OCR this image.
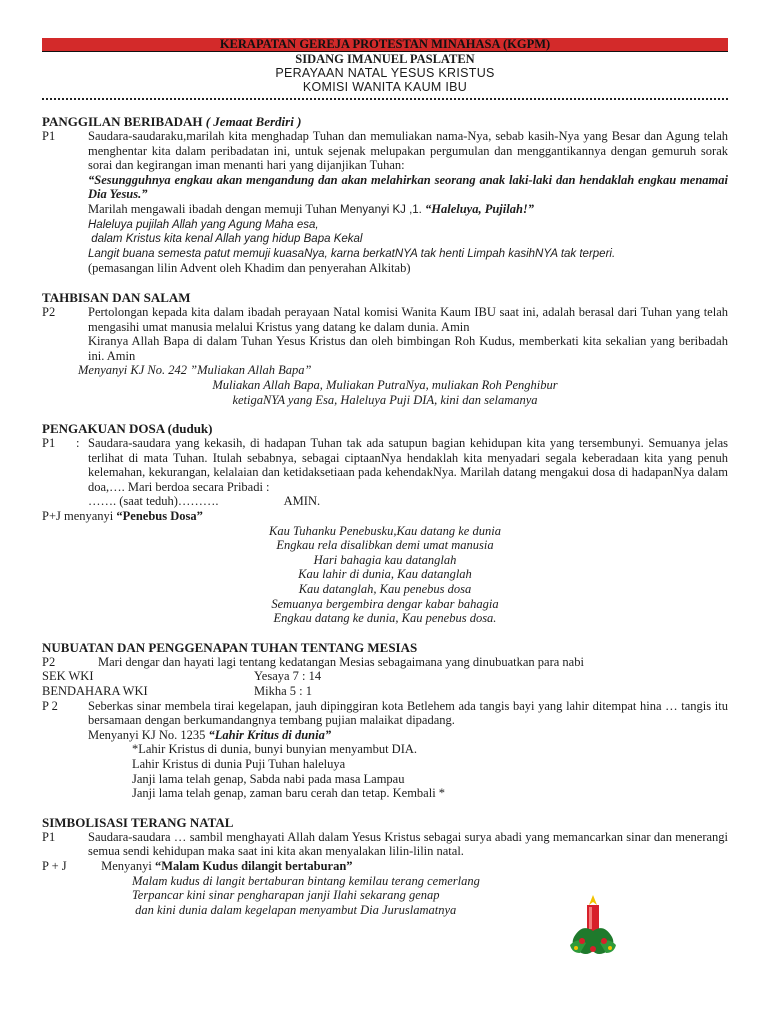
KERAPATAN GEREJA PROTESTAN MINAHASA (KGPM)
SIDANG IMANUEL PASLATEN
PERAYAAN NATAL YESUS KRISTUS
KOMISI WANITA KAUM IBU
PANGGILAN BERIBADAH ( Jemaat Berdiri )
P1	Saudara-saudaraku,marilah kita menghadap Tuhan dan memuliakan nama-Nya, sebab kasih-Nya yang Besar dan Agung telah menghentar kita dalam peribadatan ini, untuk sejenak melupakan pergumulan dan menggantikannya dengan gemuruh sorak sorai dan kegirangan iman menanti hari yang dijanjikan Tuhan:
“Sesungguhnya engkau akan mengandung dan akan melahirkan seorang anak laki-laki dan hendaklah engkau menamai Dia Yesus.”
Marilah mengawali ibadah dengan memuji Tuhan Menyanyi KJ ,1. “Haleluya, Pujilah!”
Haleluya pujilah Allah yang Agung Maha esa,
dalam Kristus kita kenal Allah yang hidup Bapa Kekal
Langit buana semesta patut memuji kuasaNya, karna berkatNYA tak henti Limpah kasihNYA tak terperi.
(pemasangan lilin Advent oleh Khadim dan penyerahan Alkitab)
TAHBISAN DAN SALAM
P2	Pertolongan kepada kita dalam ibadah perayaan Natal komisi Wanita Kaum IBU saat ini, adalah berasal dari Tuhan yang telah mengasihi umat manusia melalui Kristus yang datang ke dalam dunia. Amin
Kiranya Allah Bapa di dalam Tuhan Yesus Kristus dan oleh bimbingan Roh Kudus, memberkati kita sekalian yang beribadah ini. Amin
Menyanyi KJ No. 242 ”Muliakan Allah Bapa”
Muliakan Allah Bapa, Muliakan PutraNya, muliakan Roh Penghibur
ketigaNYA yang Esa, Haleluya Puji DIA, kini dan selamanya
PENGAKUAN DOSA (duduk)
P1	: Saudara-saudara yang kekasih, di hadapan Tuhan tak ada satupun bagian kehidupan kita yang tersembunyi. Semuanya jelas terlihat di mata Tuhan. Itulah sebabnya, sebagai ciptaanNya hendaklah kita menyadari segala keberadaan kita yang penuh kelemahan, kekurangan, kelalaian dan ketidaksetiaan pada kehendakNya. Marilah datang mengakui dosa di hadapanNya dalam doa,…. Mari berdoa secara Pribadi :
……. (saat teduh)……….	AMIN.
P+J menyanyi “Penebus Dosa”
Kau Tuhanku Penebusku,Kau datang ke dunia
Engkau rela disalibkan demi umat manusia
Hari bahagia kau datanglah
Kau lahir di dunia, Kau datanglah
Kau datanglah, Kau penebus dosa
Semuanya bergembira dengar kabar bahagia
Engkau datang ke dunia, Kau penebus dosa.
NUBUATAN DAN PENGGENAPAN TUHAN TENTANG MESIAS
P2	Mari dengar dan hayati lagi tentang kedatangan Mesias sebagaimana yang dinubuatkan para nabi
SEK WKI	Yesaya 7 : 14
BENDAHARA WKI	Mikha 5 : 1
P 2	Seberkas sinar membela tirai kegelapan, jauh dipinggiran kota Betlehem ada tangis bayi yang lahir ditempat hina … tangis itu bersamaan dengan berkumandangnya tembang pujian malaikat dipadang.
Menyanyi KJ No. 1235 “Lahir Kritus di dunia”
*Lahir Kristus di dunia, bunyi bunyian menyambut DIA.
Lahir Kristus di dunia Puji Tuhan haleluya
Janji lama telah genap, Sabda nabi pada masa Lampau
Janji lama telah genap, zaman baru cerah dan tetap. Kembali *
SIMBOLISASI TERANG NATAL
P1	Saudara-saudara … sambil menghayati Allah dalam Yesus Kristus sebagai surya abadi yang memancarkan sinar dan menerangi semua sendi kehidupan maka saat ini kita akan menyalakan lilin-lilin natal.
P + J	Menyanyi “Malam Kudus dilangit bertaburan”
Malam kudus di langit bertaburan bintang kemilau terang cemerlang
Terpancar kini sinar pengharapan janji Ilahi sekarang genap
dan kini dunia dalam kegelapan menyambut Dia Juruslamatnya
